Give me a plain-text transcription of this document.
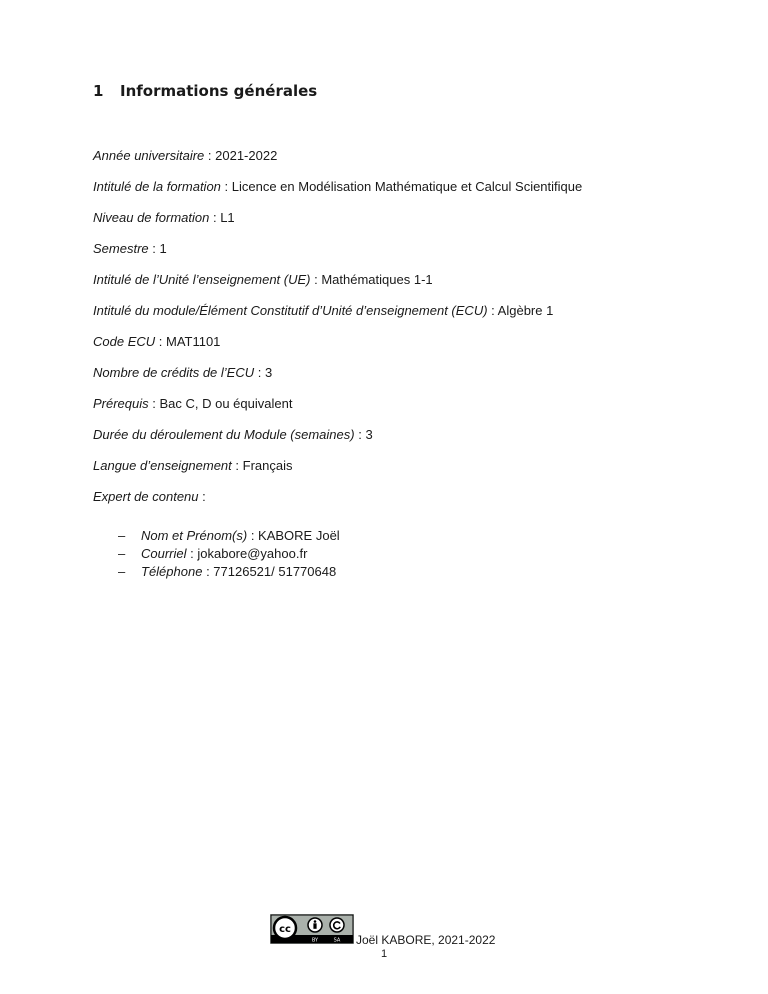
1 Informations générales
Année universitaire : 2021-2022
Intitulé de la formation : Licence en Modélisation Mathématique et Calcul Scientifique
Niveau de formation : L1
Semestre : 1
Intitulé de l’Unité l’enseignement (UE) : Mathématiques 1-1
Intitulé du module/Élément Constitutif d’Unité d’enseignement (ECU) : Algèbre 1
Code ECU : MAT1101
Nombre de crédits de l’ECU : 3
Prérequis : Bac C, D ou équivalent
Durée du déroulement du Module (semaines) : 3
Langue d’enseignement : Français
Expert de contenu :
– Nom et Prénom(s) : KABORE Joël
– Courriel : jokabore@yahoo.fr
– Téléphone : 77126521/ 51770648
cc
BY	SA Joël KABORE, 2021-2022
1
